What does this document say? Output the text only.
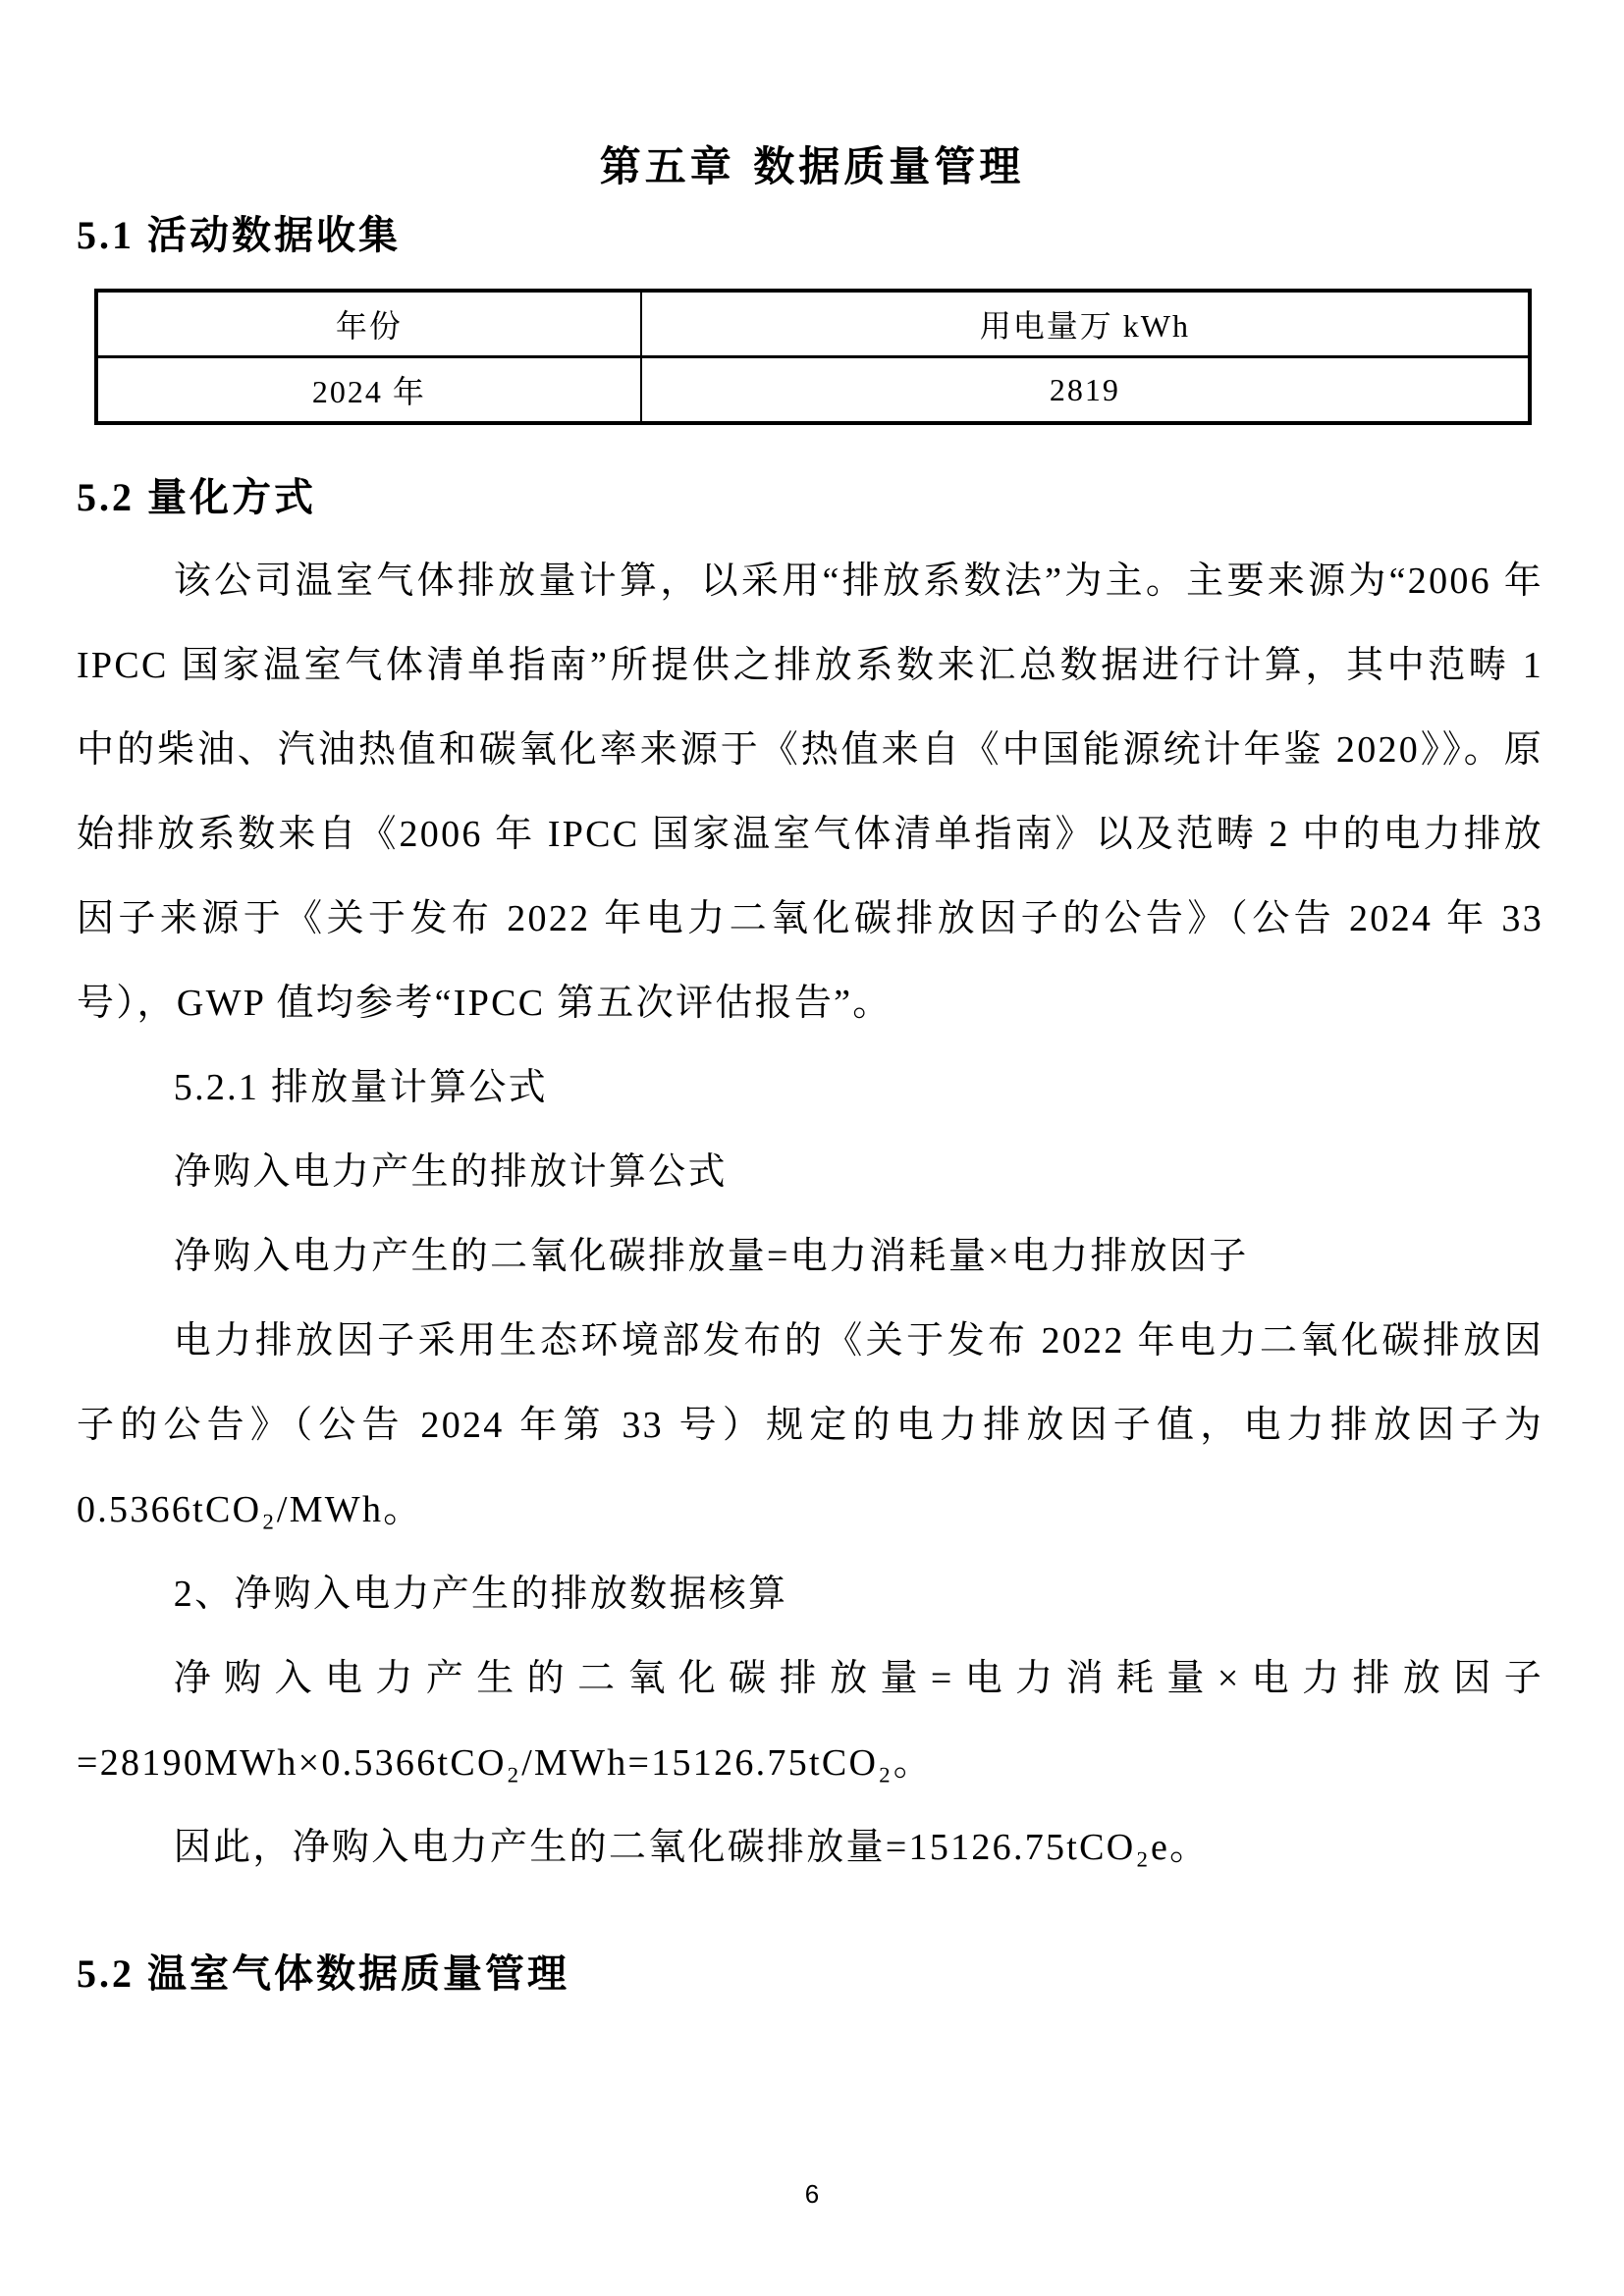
第五章 数据质量管理
5.1 活动数据收集
年份	用电量万 kWh
2024 年	2819
5.2 量化方式

该公司温室气体排放量计算，以采用“排放系数法”为主。主要来源为“2006 年 IPCC 国家温室气体清单指南”所提供之排放系数来汇总数据进行计算，其中范畴 1 中的柴油、汽油热值和碳氧化率来源于《热值来自《中国能源统计年鉴 2020》》。原始排放系数来自《2006 年 IPCC 国家温室气体清单指南》以及范畴 2 中的电力排放因子来源于《关于发布 2022 年电力二氧化碳排放因子的公告》（公告 2024 年 33 号），GWP 值均参考“IPCC 第五次评估报告”。

5.2.1 排放量计算公式

净购入电力产生的排放计算公式

净购入电力产生的二氧化碳排放量=电力消耗量×电力排放因子

电力排放因子采用生态环境部发布的《关于发布 2022 年电力二氧化碳排放因子的公告》（公告 2024 年第 33 号）规定的电力排放因子值，电力排放因子为 0.5366tCO₂/MWh。

2、净购入电力产生的排放数据核算

净购入电力产生的二氧化碳排放量=电力消耗量×电力排放因子=28190MWh×0.5366tCO₂/MWh=15126.75tCO₂。

因此，净购入电力产生的二氧化碳排放量=15126.75tCO₂e。

5.2 温室气体数据质量管理
6
